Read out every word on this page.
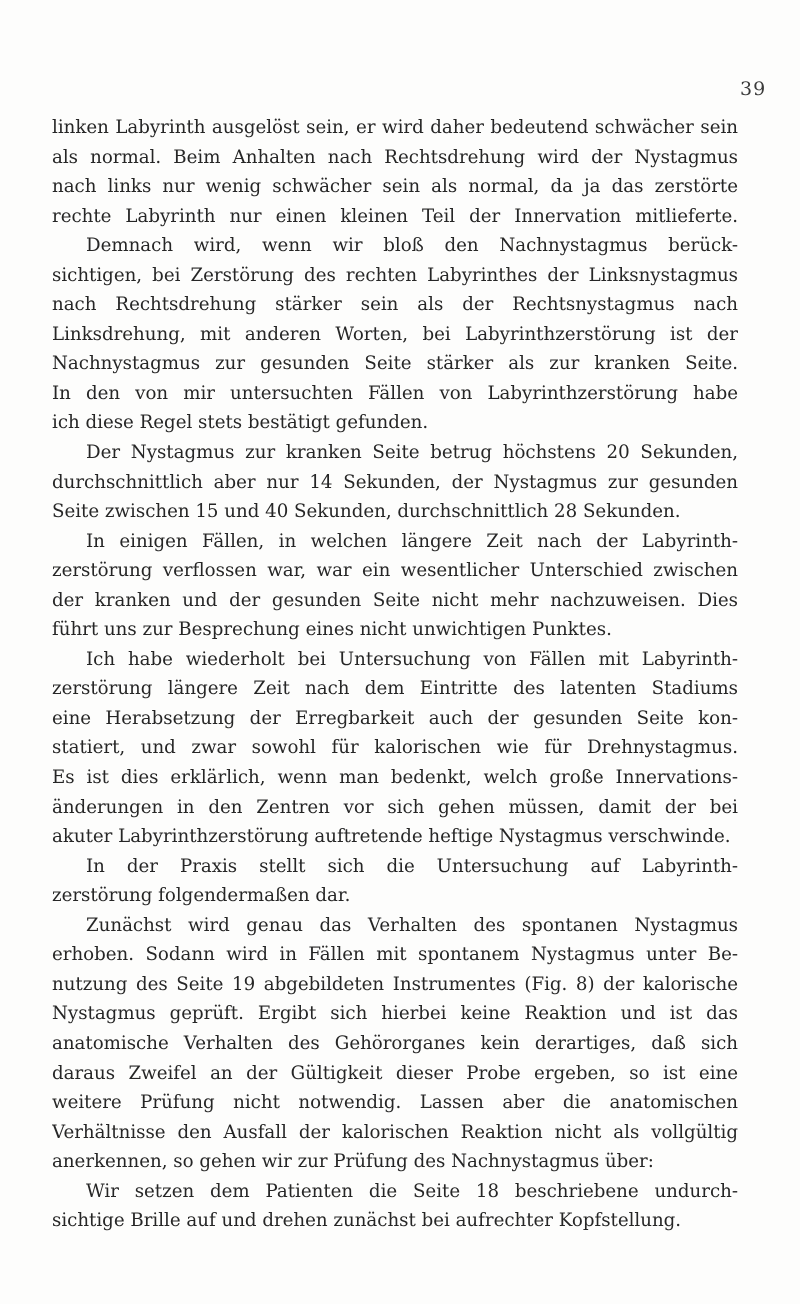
39
linken Labyrinth ausgelöst sein, er wird daher bedeutend schwächer sein
als normal. Beim Anhalten nach Rechtsdrehung wird der Nystagmus
nach links nur wenig schwächer sein als normal, da ja das zerstörte
rechte Labyrinth nur einen kleinen Teil der Innervation mitlieferte.
Demnach wird, wenn wir bloß den Nachnystagmus berück-
sichtigen, bei Zerstörung des rechten Labyrinthes der Linksnystagmus
nach Rechtsdrehung stärker sein als der Rechtsnystagmus nach
Linksdrehung, mit anderen Worten, bei Labyrinthzerstörung ist der
Nachnystagmus zur gesunden Seite stärker als zur kranken Seite.
In den von mir untersuchten Fällen von Labyrinthzerstörung habe
ich diese Regel stets bestätigt gefunden.
Der Nystagmus zur kranken Seite betrug höchstens 20 Sekunden,
durchschnittlich aber nur 14 Sekunden, der Nystagmus zur gesunden
Seite zwischen 15 und 40 Sekunden, durchschnittlich 28 Sekunden.
In einigen Fällen, in welchen längere Zeit nach der Labyrinth-
zerstörung verflossen war, war ein wesentlicher Unterschied zwischen
der kranken und der gesunden Seite nicht mehr nachzuweisen. Dies
führt uns zur Besprechung eines nicht unwichtigen Punktes.
Ich habe wiederholt bei Untersuchung von Fällen mit Labyrinth-
zerstörung längere Zeit nach dem Eintritte des latenten Stadiums
eine Herabsetzung der Erregbarkeit auch der gesunden Seite kon-
statiert, und zwar sowohl für kalorischen wie für Drehnystagmus.
Es ist dies erklärlich, wenn man bedenkt, welch große Innervations-
änderungen in den Zentren vor sich gehen müssen, damit der bei
akuter Labyrinthzerstörung auftretende heftige Nystagmus verschwinde.
In der Praxis stellt sich die Untersuchung auf Labyrinth-
zerstörung folgendermaßen dar.
Zunächst wird genau das Verhalten des spontanen Nystagmus
erhoben. Sodann wird in Fällen mit spontanem Nystagmus unter Be-
nutzung des Seite 19 abgebildeten Instrumentes (Fig. 8) der kalorische
Nystagmus geprüft. Ergibt sich hierbei keine Reaktion und ist das
anatomische Verhalten des Gehörorganes kein derartiges, daß sich
daraus Zweifel an der Gültigkeit dieser Probe ergeben, so ist eine
weitere Prüfung nicht notwendig. Lassen aber die anatomischen
Verhältnisse den Ausfall der kalorischen Reaktion nicht als vollgültig
anerkennen, so gehen wir zur Prüfung des Nachnystagmus über:
Wir setzen dem Patienten die Seite 18 beschriebene undurch-
sichtige Brille auf und drehen zunächst bei aufrechter Kopfstellung.
